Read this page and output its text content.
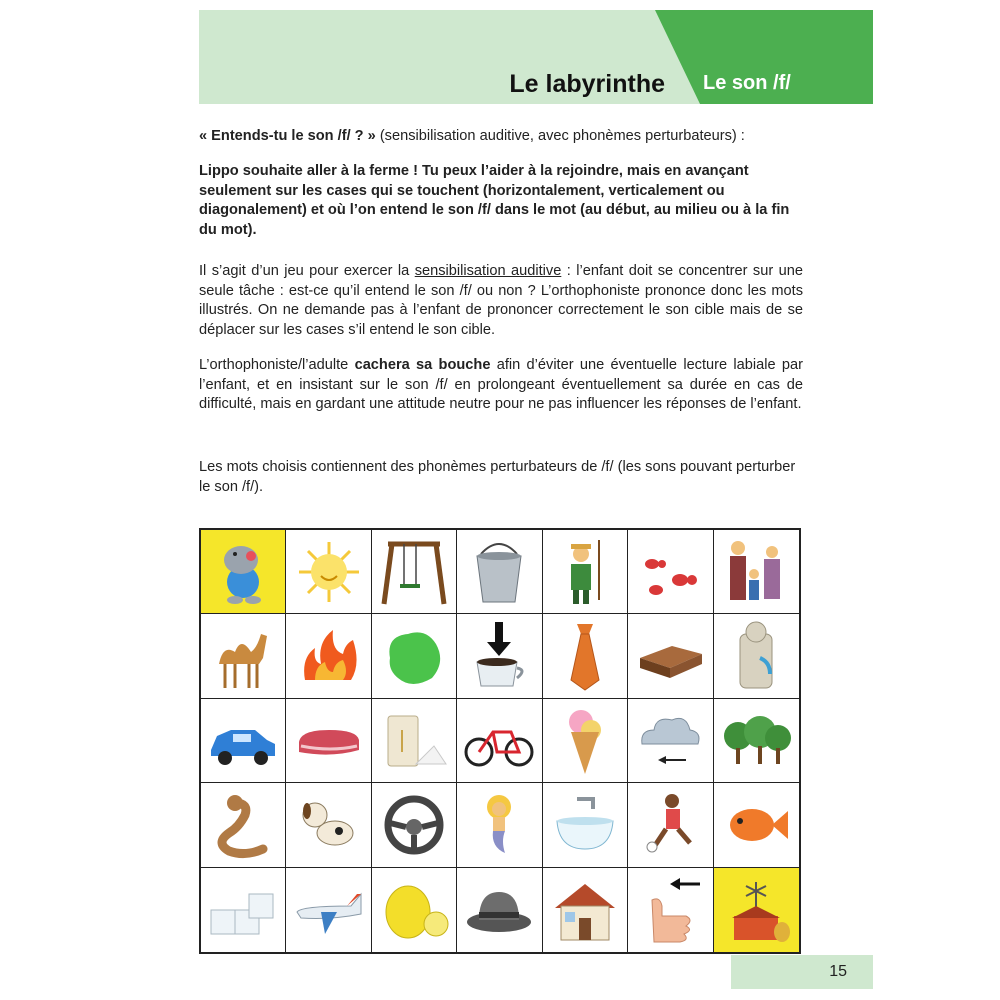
Le labyrinthe Le son /f/
« Entends-tu le son /f/ ? » (sensibilisation auditive, avec phonèmes perturbateurs) :
Lippo souhaite aller à la ferme ! Tu peux l’aider à la rejoindre, mais en avançant seulement sur les cases qui se touchent (horizontalement, verticalement ou diagonalement) et où l’on entend le son /f/ dans le mot (au début, au milieu ou à la fin du mot).
Il s’agit d’un jeu pour exercer la sensibilisation auditive : l’enfant doit se concentrer sur une seule tâche : est-ce qu’il entend le son /f/ ou non ? L’orthophoniste prononce donc les mots illustrés. On ne demande pas à l’enfant de prononcer correctement le son cible mais de se déplacer sur les cases s’il entend le son cible.
L’orthophoniste/l’adulte cachera sa bouche afin d’éviter une éventuelle lecture labiale par l’enfant, et en insistant sur le son /f/ en prolongeant éventuellement sa durée en cas de difficulté, mais en gardant une attitude neutre pour ne pas influencer les réponses de l’enfant.
Les mots choisis contiennent des phonèmes perturbateurs de /f/ (les sons pouvant perturber le son /f/).
15
